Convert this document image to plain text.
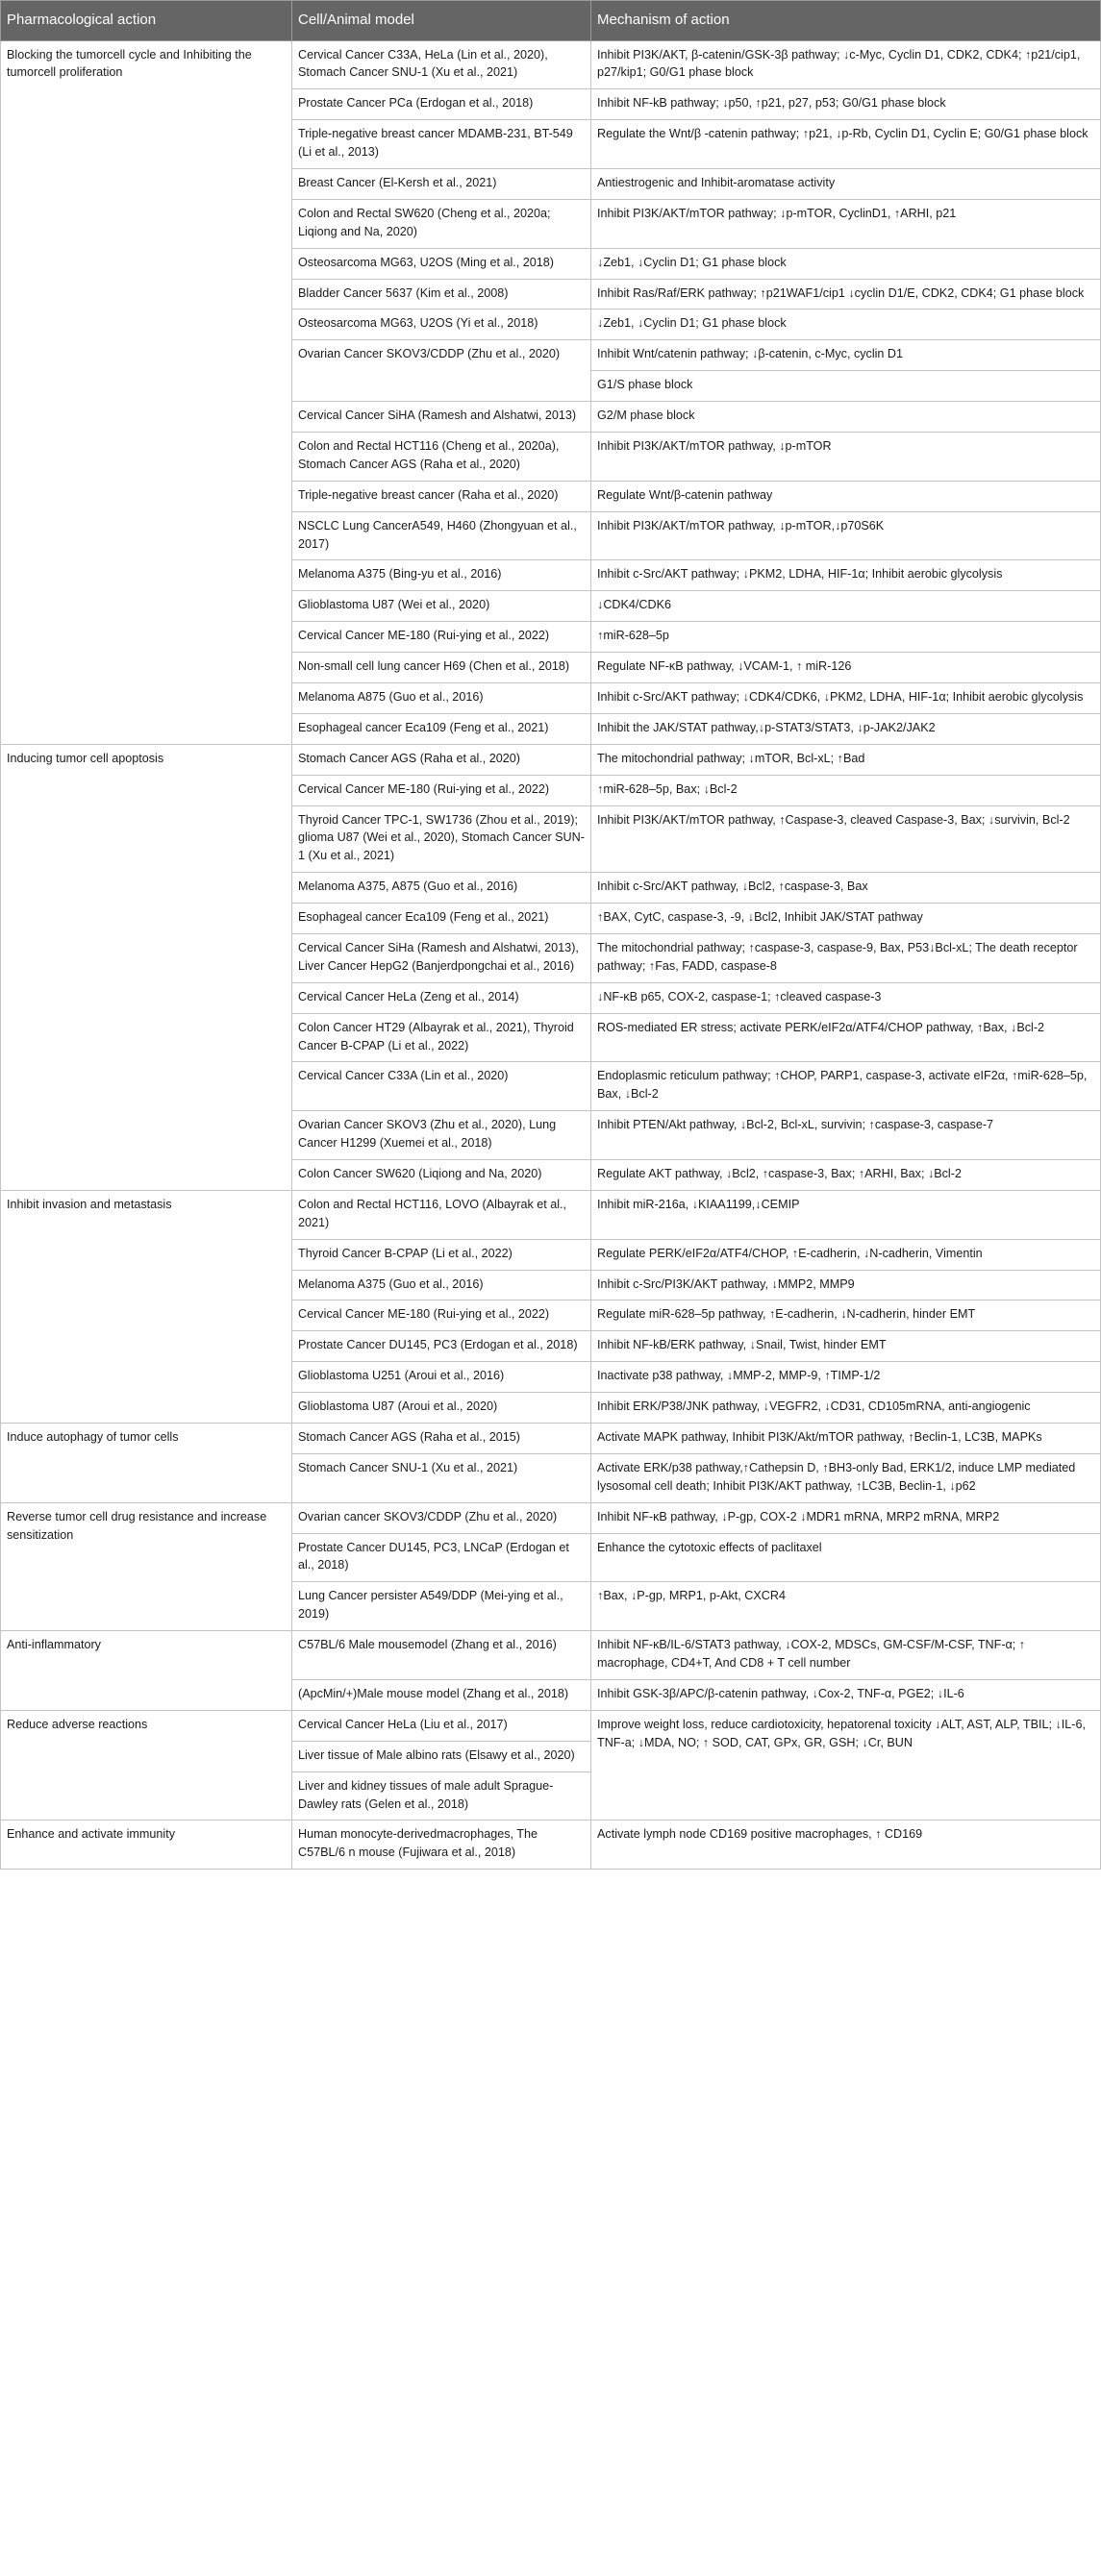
Pharmacological action	Cell/Animal model	Mechanism of action
Blocking the tumorcell cycle and Inhibiting the tumorcell proliferation	Cervical Cancer C33A, HeLa (Lin et al., 2020), Stomach Cancer SNU-1 (Xu et al., 2021)	Inhibit PI3K/AKT, β-catenin/GSK-3β pathway; ↓c-Myc, Cyclin D1, CDK2, CDK4; ↑p21/cip1, p27/kip1; G0/G1 phase block
	Prostate Cancer PCa (Erdogan et al., 2018)	Inhibit NF-kB pathway; ↓p50, ↑p21, p27, p53; G0/G1 phase block
	Triple-negative breast cancer MDAMB-231, BT-549 (Li et al., 2013)	Regulate the Wnt/β -catenin pathway; ↑p21, ↓p-Rb, Cyclin D1, Cyclin E; G0/G1 phase block
	Breast Cancer (El-Kersh et al., 2021)	Antiestrogenic and Inhibit-aromatase activity
	Colon and Rectal SW620 (Cheng et al., 2020a; Liqiong and Na, 2020)	Inhibit PI3K/AKT/mTOR pathway; ↓p-mTOR, CyclinD1, ↑ARHI, p21
	Osteosarcoma MG63, U2OS (Ming et al., 2018)	↓Zeb1, ↓Cyclin D1; G1 phase block
	Bladder Cancer 5637 (Kim et al., 2008)	Inhibit Ras/Raf/ERK pathway; ↑p21WAF1/cip1 ↓cyclin D1/E, CDK2, CDK4; G1 phase block
	Osteosarcoma MG63, U2OS (Yi et al., 2018)	↓Zeb1, ↓Cyclin D1; G1 phase block
	Ovarian Cancer SKOV3/CDDP (Zhu et al., 2020)	Inhibit Wnt/catenin pathway; ↓β-catenin, c-Myc, cyclin D1
		G1/S phase block
	Cervical Cancer SiHA (Ramesh and Alshatwi, 2013)	G2/M phase block
	Colon and Rectal HCT116 (Cheng et al., 2020a), Stomach Cancer AGS (Raha et al., 2020)	Inhibit PI3K/AKT/mTOR pathway, ↓p-mTOR
	Triple-negative breast cancer (Raha et al., 2020)	Regulate Wnt/β-catenin pathway
	NSCLC Lung CancerA549, H460 (Zhongyuan et al., 2017)	Inhibit PI3K/AKT/mTOR pathway, ↓p-mTOR,↓p70S6K
	Melanoma A375 (Bing-yu et al., 2016)	Inhibit c-Src/AKT pathway; ↓PKM2, LDHA, HIF-1α; Inhibit aerobic glycolysis
	Glioblastoma U87 (Wei et al., 2020)	↓CDK4/CDK6
	Cervical Cancer ME-180 (Rui-ying et al., 2022)	↑miR-628–5p
	Non-small cell lung cancer H69 (Chen et al., 2018)	Regulate NF-κB pathway, ↓VCAM-1, ↑ miR-126
	Melanoma A875 (Guo et al., 2016)	Inhibit c-Src/AKT pathway; ↓CDK4/CDK6, ↓PKM2, LDHA, HIF-1α; Inhibit aerobic glycolysis
	Esophageal cancer Eca109 (Feng et al., 2021)	Inhibit the JAK/STAT pathway,↓p-STAT3/STAT3, ↓p-JAK2/JAK2
Inducing tumor cell apoptosis	Stomach Cancer AGS (Raha et al., 2020)	The mitochondrial pathway; ↓mTOR, Bcl-xL; ↑Bad
	Cervical Cancer ME-180 (Rui-ying et al., 2022)	↑miR-628–5p, Bax; ↓Bcl-2
	Thyroid Cancer TPC-1, SW1736 (Zhou et al., 2019); glioma U87 (Wei et al., 2020), Stomach Cancer SUN-1 (Xu et al., 2021)	Inhibit PI3K/AKT/mTOR pathway, ↑Caspase-3, cleaved Caspase-3, Bax; ↓survivin, Bcl-2
	Melanoma A375, A875 (Guo et al., 2016)	Inhibit c-Src/AKT pathway, ↓Bcl2, ↑caspase-3, Bax
	Esophageal cancer Eca109 (Feng et al., 2021)	↑BAX, CytC, caspase-3, -9, ↓Bcl2, Inhibit JAK/STAT pathway
	Cervical Cancer SiHa (Ramesh and Alshatwi, 2013), Liver Cancer HepG2 (Banjerdpongchai et al., 2016)	The mitochondrial pathway; ↑caspase-3, caspase-9, Bax, P53↓Bcl-xL; The death receptor pathway; ↑Fas, FADD, caspase-8
	Cervical Cancer HeLa (Zeng et al., 2014)	↓NF-κB p65, COX-2, caspase-1; ↑cleaved caspase-3
	Colon Cancer HT29 (Albayrak et al., 2021), Thyroid Cancer B-CPAP (Li et al., 2022)	ROS-mediated ER stress; activate PERK/eIF2α/ATF4/CHOP pathway, ↑Bax, ↓Bcl-2
	Cervical Cancer C33A (Lin et al., 2020)	Endoplasmic reticulum pathway; ↑CHOP, PARP1, caspase-3, activate eIF2α, ↑miR-628–5p, Bax, ↓Bcl-2
	Ovarian Cancer SKOV3 (Zhu et al., 2020), Lung Cancer H1299 (Xuemei et al., 2018)	Inhibit PTEN/Akt pathway, ↓Bcl-2, Bcl-xL, survivin; ↑caspase-3, caspase-7
	Colon Cancer SW620 (Liqiong and Na, 2020)	Regulate AKT pathway, ↓Bcl2, ↑caspase-3, Bax; ↑ARHI, Bax; ↓Bcl-2
Inhibit invasion and metastasis	Colon and Rectal HCT116, LOVO (Albayrak et al., 2021)	Inhibit miR-216a, ↓KIAA1199,↓CEMIP
	Thyroid Cancer B-CPAP (Li et al., 2022)	Regulate PERK/eIF2α/ATF4/CHOP, ↑E-cadherin, ↓N-cadherin, Vimentin
	Melanoma A375 (Guo et al., 2016)	Inhibit c-Src/PI3K/AKT pathway, ↓MMP2, MMP9
	Cervical Cancer ME-180 (Rui-ying et al., 2022)	Regulate miR-628–5p pathway, ↑E-cadherin, ↓N-cadherin, hinder EMT
	Prostate Cancer DU145, PC3 (Erdogan et al., 2018)	Inhibit NF-kB/ERK pathway, ↓Snail, Twist, hinder EMT
	Glioblastoma U251 (Aroui et al., 2016)	Inactivate p38 pathway, ↓MMP-2, MMP-9, ↑TIMP-1/2
	Glioblastoma U87 (Aroui et al., 2020)	Inhibit ERK/P38/JNK pathway, ↓VEGFR2, ↓CD31, CD105mRNA, anti-angiogenic
Induce autophagy of tumor cells	Stomach Cancer AGS (Raha et al., 2015)	Activate MAPK pathway, Inhibit PI3K/Akt/mTOR pathway, ↑Beclin-1, LC3B, MAPKs
	Stomach Cancer SNU-1 (Xu et al., 2021)	Activate ERK/p38 pathway,↑Cathepsin D, ↑BH3-only Bad, ERK1/2, induce LMP mediated lysosomal cell death; Inhibit PI3K/AKT pathway, ↑LC3B, Beclin-1, ↓p62
Reverse tumor cell drug resistance and increase sensitization	Ovarian cancer SKOV3/CDDP (Zhu et al., 2020)	Inhibit NF-κB pathway, ↓P-gp, COX-2 ↓MDR1 mRNA, MRP2 mRNA, MRP2
	Prostate Cancer DU145, PC3, LNCaP (Erdogan et al., 2018)	Enhance the cytotoxic effects of paclitaxel
	Lung Cancer persister A549/DDP (Mei-ying et al., 2019)	↑Bax, ↓P-gp, MRP1, p-Akt, CXCR4
Anti-inflammatory	C57BL/6 Male mousemodel (Zhang et al., 2016)	Inhibit NF-κB/IL-6/STAT3 pathway, ↓COX-2, MDSCs, GM-CSF/M-CSF, TNF-α; ↑ macrophage, CD4+T, And CD8 + T cell number
	(ApcMin/+)Male mouse model (Zhang et al., 2018)	Inhibit GSK-3β/APC/β-catenin pathway, ↓Cox-2, TNF-α, PGE2; ↓IL-6
Reduce adverse reactions	Cervical Cancer HeLa (Liu et al., 2017)	Improve weight loss, reduce cardiotoxicity, hepatorenal toxicity ↓ALT, AST, ALP, TBIL; ↓IL-6, TNF-a; ↓MDA, NO; ↑ SOD, CAT, GPx, GR, GSH; ↓Cr, BUN
	Liver tissue of Male albino rats (Elsawy et al., 2020)	
	Liver and kidney tissues of male adult Sprague-Dawley rats (Gelen et al., 2018)	
Enhance and activate immunity	Human monocyte-derivedmacrophages, The C57BL/6 n mouse (Fujiwara et al., 2018)	Activate lymph node CD169 positive macrophages, ↑ CD169
